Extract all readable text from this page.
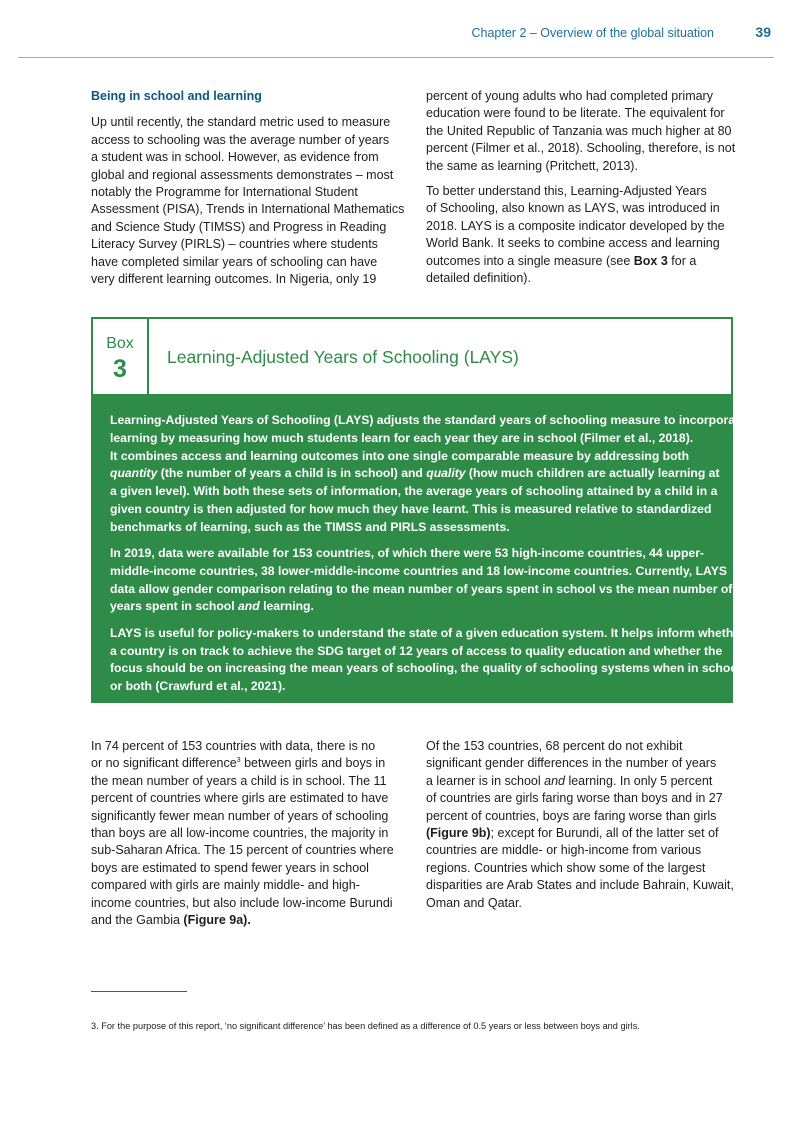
Chapter 2 – Overview of the global situation	39
Being in school and learning

Up until recently, the standard metric used to measure
access to schooling was the average number of years
a student was in school. However, as evidence from
global and regional assessments demonstrates – most
notably the Programme for International Student
Assessment (PISA), Trends in International Mathematics
and Science Study (TIMSS) and Progress in Reading
Literacy Survey (PIRLS) – countries where students
have completed similar years of schooling can have
very different learning outcomes. In Nigeria, only 19

percent of young adults who had completed primary
education were found to be literate. The equivalent for
the United Republic of Tanzania was much higher at 80
percent (Filmer et al., 2018). Schooling, therefore, is not
the same as learning (Pritchett, 2013).

To better understand this, Learning-Adjusted Years
of Schooling, also known as LAYS, was introduced in
2018. LAYS is a composite indicator developed by the
World Bank. It seeks to combine access and learning
outcomes into a single measure (see Box 3 for a
detailed definition).

Box
3	Learning-Adjusted Years of Schooling (LAYS)

Learning-Adjusted Years of Schooling (LAYS) adjusts the standard years of schooling measure to incorporate
learning by measuring how much students learn for each year they are in school (Filmer et al., 2018).
It combines access and learning outcomes into one single comparable measure by addressing both
quantity (the number of years a child is in school) and quality (how much children are actually learning at
a given level). With both these sets of information, the average years of schooling attained by a child in a
given country is then adjusted for how much they have learnt. This is measured relative to standardized
benchmarks of learning, such as the TIMSS and PIRLS assessments.

In 2019, data were available for 153 countries, of which there were 53 high-income countries, 44 upper-
middle-income countries, 38 lower-middle-income countries and 18 low-income countries. Currently, LAYS
data allow gender comparison relating to the mean number of years spent in school vs the mean number of
years spent in school and learning.

LAYS is useful for policy-makers to understand the state of a given education system. It helps inform whether
a country is on track to achieve the SDG target of 12 years of access to quality education and whether the
focus should be on increasing the mean years of schooling, the quality of schooling systems when in school,
or both (Crawfurd et al., 2021).

In 74 percent of 153 countries with data, there is no
or no significant difference$^3$ between girls and boys in
the mean number of years a child is in school. The 11
percent of countries where girls are estimated to have
significantly fewer mean number of years of schooling
than boys are all low-income countries, the majority in
sub-Saharan Africa. The 15 percent of countries where
boys are estimated to spend fewer years in school
compared with girls are mainly middle- and high-
income countries, but also include low-income Burundi
and the Gambia (Figure 9a).

Of the 153 countries, 68 percent do not exhibit
significant gender differences in the number of years
a learner is in school and learning. In only 5 percent
of countries are girls faring worse than boys and in 27
percent of countries, boys are faring worse than girls
(Figure 9b); except for Burundi, all of the latter set of
countries are middle- or high-income from various
regions. Countries which show some of the largest
disparities are Arab States and include Bahrain, Kuwait,
Oman and Qatar.

3. For the purpose of this report, ‘no significant difference’ has been defined as a difference of 0.5 years or less between boys and girls.
